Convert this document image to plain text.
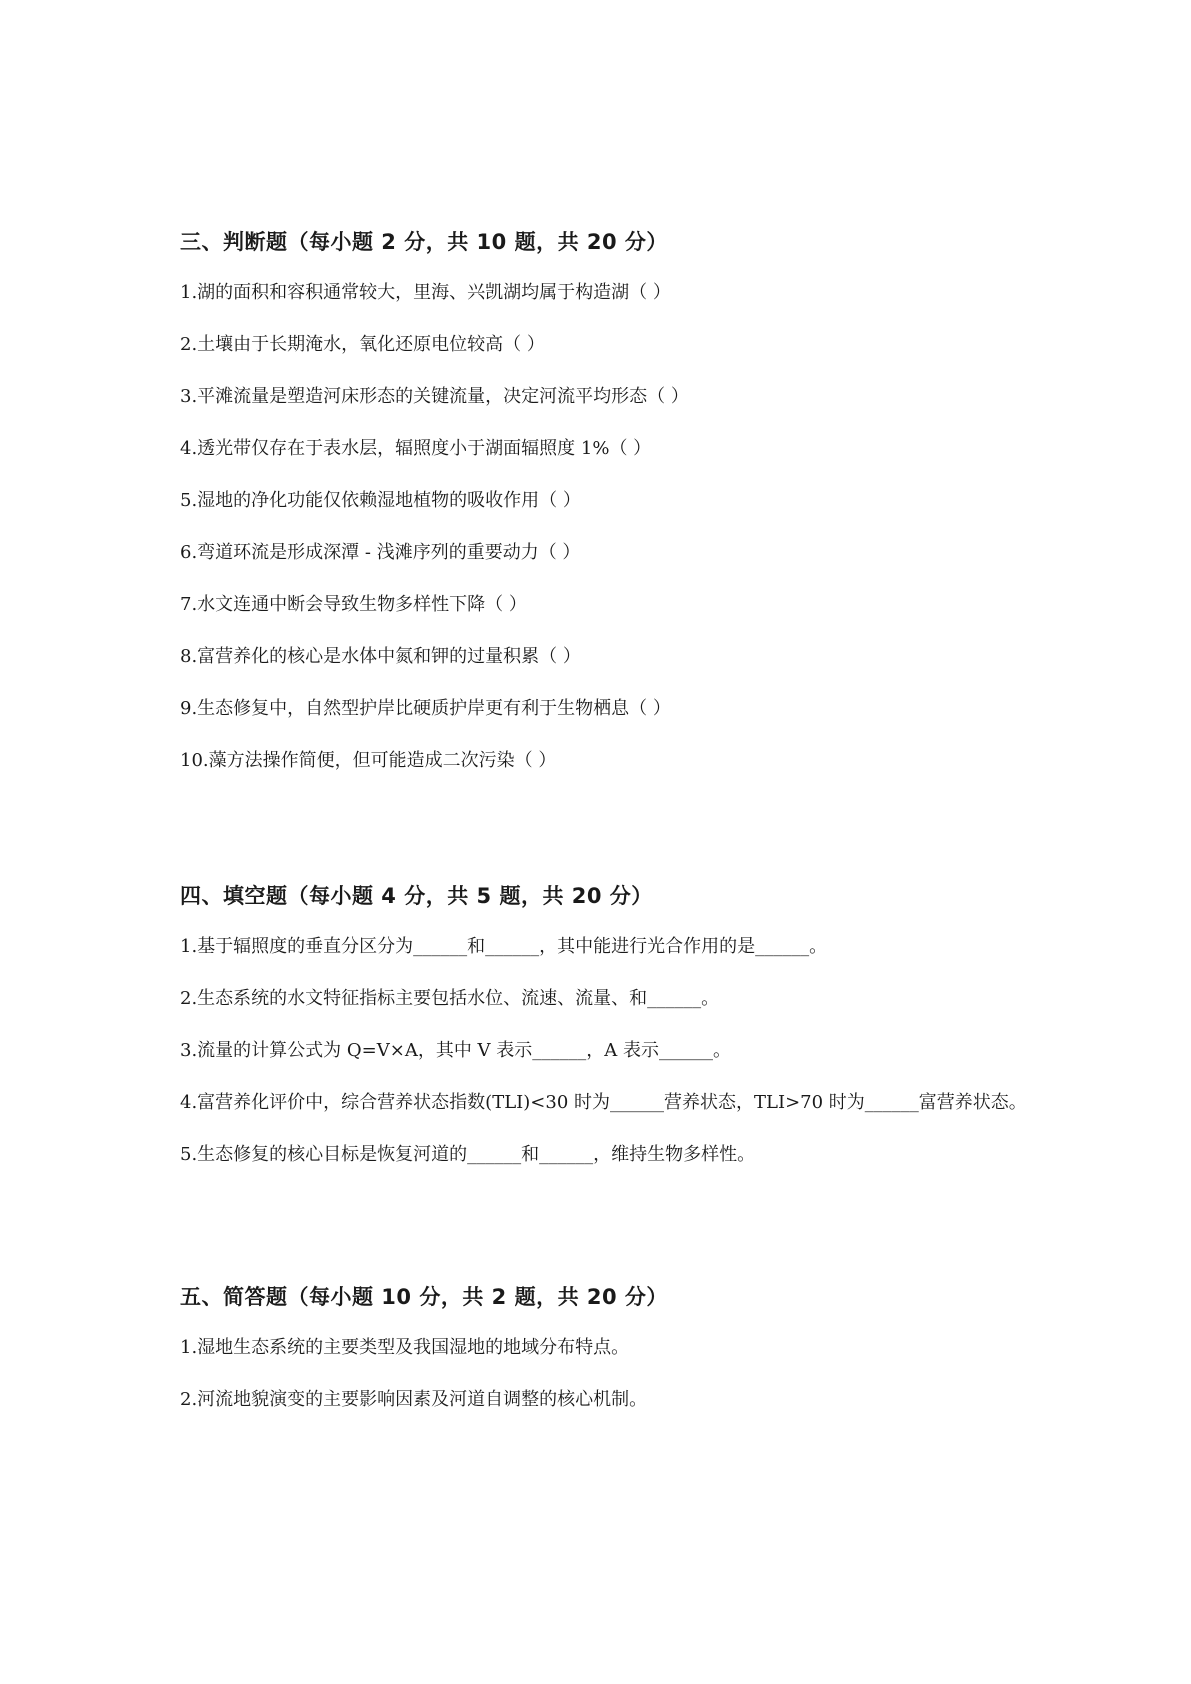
三、判断题（每小题 2 分，共 10 题，共 20 分）
1.湖的面积和容积通常较大，里海、兴凯湖均属于构造湖（ ）
2.土壤由于长期淹水，氧化还原电位较高（ ）
3.平滩流量是塑造河床形态的关键流量，决定河流平均形态（ ）
4.透光带仅存在于表水层，辐照度小于湖面辐照度 1%（ ）
5.湿地的净化功能仅依赖湿地植物的吸收作用（ ）
6.弯道环流是形成深潭 - 浅滩序列的重要动力（ ）
7.水文连通中断会导致生物多样性下降（ ）
8.富营养化的核心是水体中氮和钾的过量积累（ ）
9.生态修复中，自然型护岸比硬质护岸更有利于生物栖息（ ）
10.藻方法操作简便，但可能造成二次污染（ ）
四、填空题（每小题 4 分，共 5 题，共 20 分）
1.基于辐照度的垂直分区分为______和______，其中能进行光合作用的是______。
2.生态系统的水文特征指标主要包括水位、流速、流量、和______。
3.流量的计算公式为 Q=V×A，其中 V 表示______，A 表示______。
4.富营养化评价中，综合营养状态指数(TLI)<30 时为______营养状态，TLI>70 时为______富营养状态。
5.生态修复的核心目标是恢复河道的______和______，维持生物多样性。
五、简答题（每小题 10 分，共 2 题，共 20 分）
1.湿地生态系统的主要类型及我国湿地的地域分布特点。
2.河流地貌演变的主要影响因素及河道自调整的核心机制。
